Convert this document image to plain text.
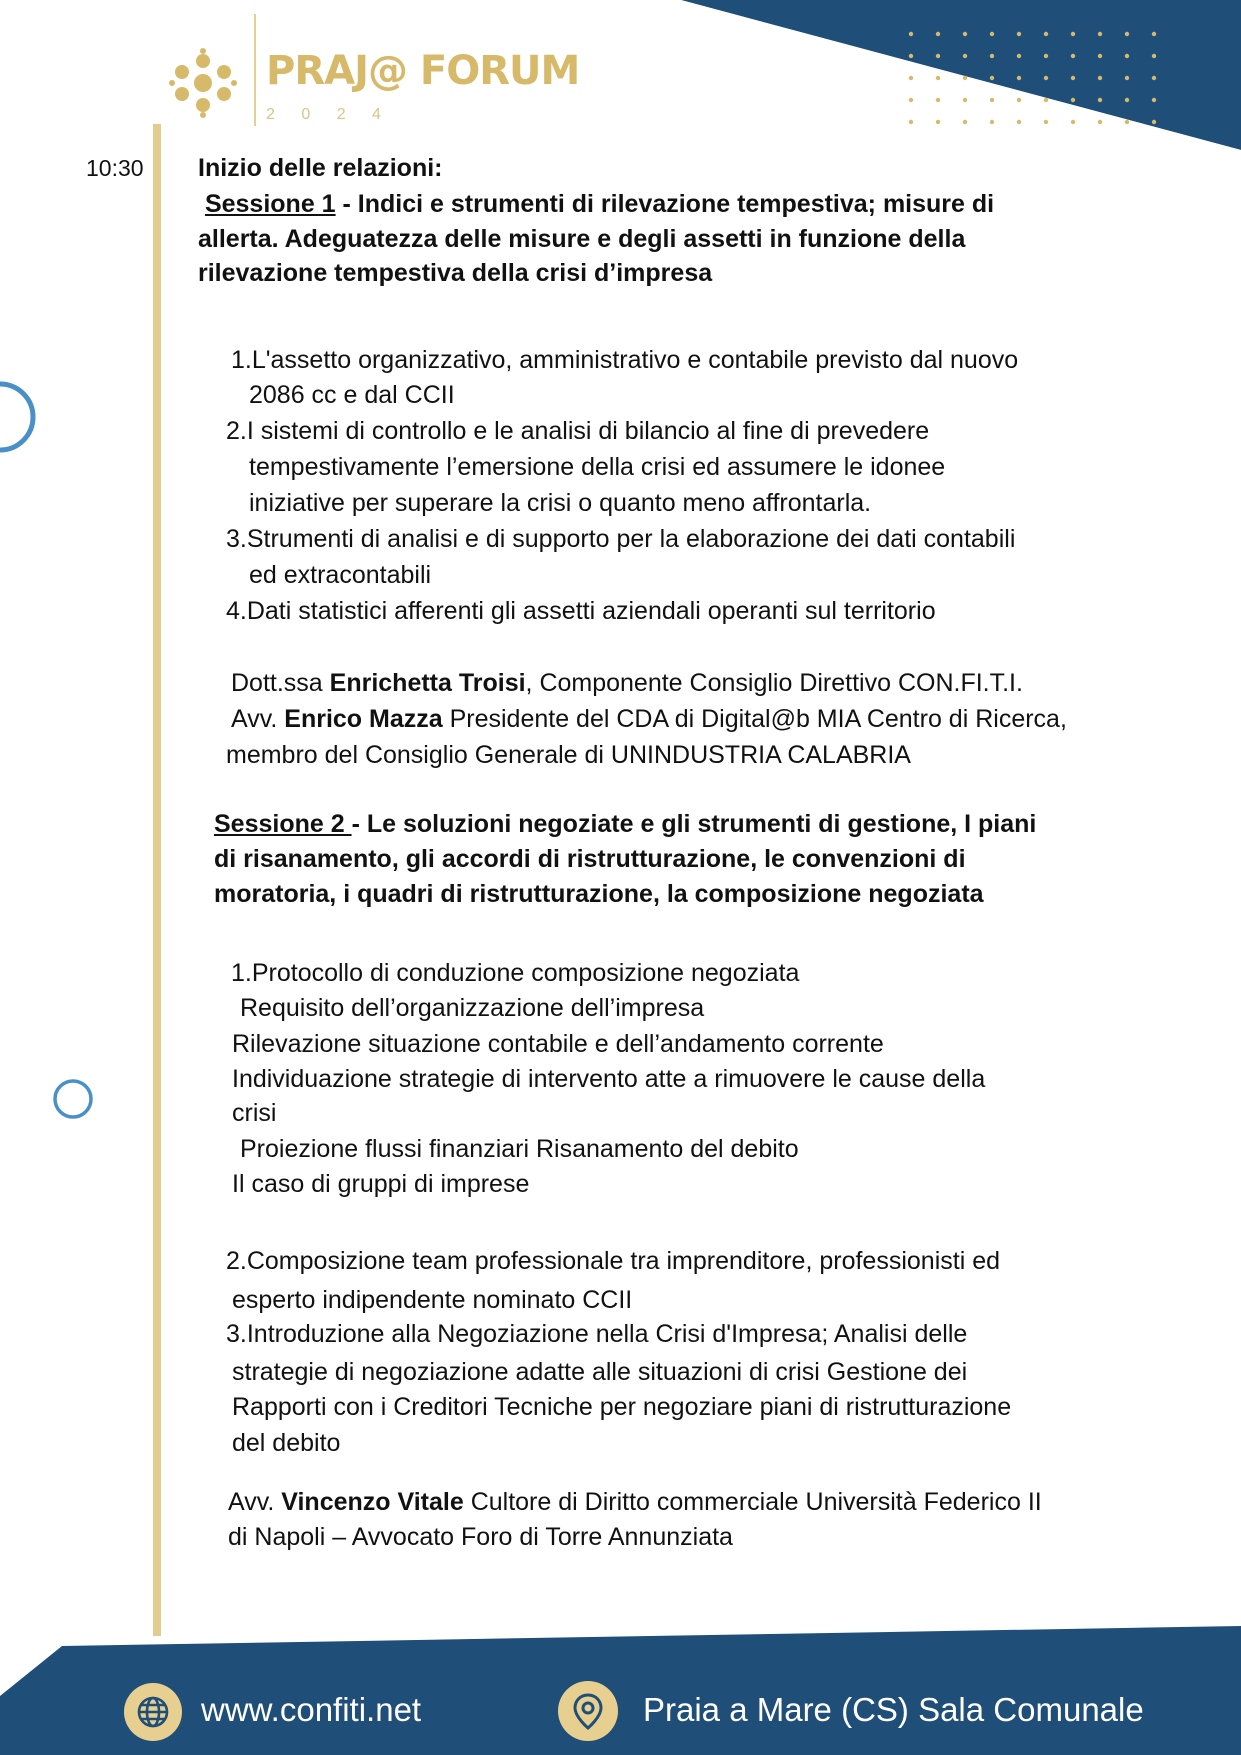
PRAJ@ FORUM
2 0 2 4
10:30 Inizio delle relazioni:
Sessione 1 - Indici e strumenti di rilevazione tempestiva; misure di
allerta. Adeguatezza delle misure e degli assetti in funzione della
rilevazione tempestiva della crisi d’impresa
1.L'assetto organizzativo, amministrativo e contabile previsto dal nuovo
2086 cc e dal CCII
2.I sistemi di controllo e le analisi di bilancio al fine di prevedere
tempestivamente l’emersione della crisi ed assumere le idonee
iniziative per superare la crisi o quanto meno affrontarla.
3.Strumenti di analisi e di supporto per la elaborazione dei dati contabili
ed extracontabili
4.Dati statistici afferenti gli assetti aziendali operanti sul territorio
Dott.ssa Enrichetta Troisi, Componente Consiglio Direttivo CON.FI.T.I.
Avv. Enrico Mazza Presidente del CDA di Digital@b MIA Centro di Ricerca,
membro del Consiglio Generale di UNINDUSTRIA CALABRIA
Sessione 2 - Le soluzioni negoziate e gli strumenti di gestione, I piani
di risanamento, gli accordi di ristrutturazione, le convenzioni di
moratoria, i quadri di ristrutturazione, la composizione negoziata
1.Protocollo di conduzione composizione negoziata
Requisito dell’organizzazione dell’impresa
Rilevazione situazione contabile e dell’andamento corrente
Individuazione strategie di intervento atte a rimuovere le cause della
crisi
Proiezione flussi finanziari Risanamento del debito
Il caso di gruppi di imprese
2.Composizione team professionale tra imprenditore, professionisti ed
esperto indipendente nominato CCII
3.Introduzione alla Negoziazione nella Crisi d'Impresa; Analisi delle
strategie di negoziazione adatte alle situazioni di crisi Gestione dei
Rapporti con i Creditori Tecniche per negoziare piani di ristrutturazione
del debito
Avv. Vincenzo Vitale Cultore di Diritto commerciale Università Federico II
di Napoli – Avvocato Foro di Torre Annunziata
www.confiti.net	Praia a Mare (CS) Sala Comunale
